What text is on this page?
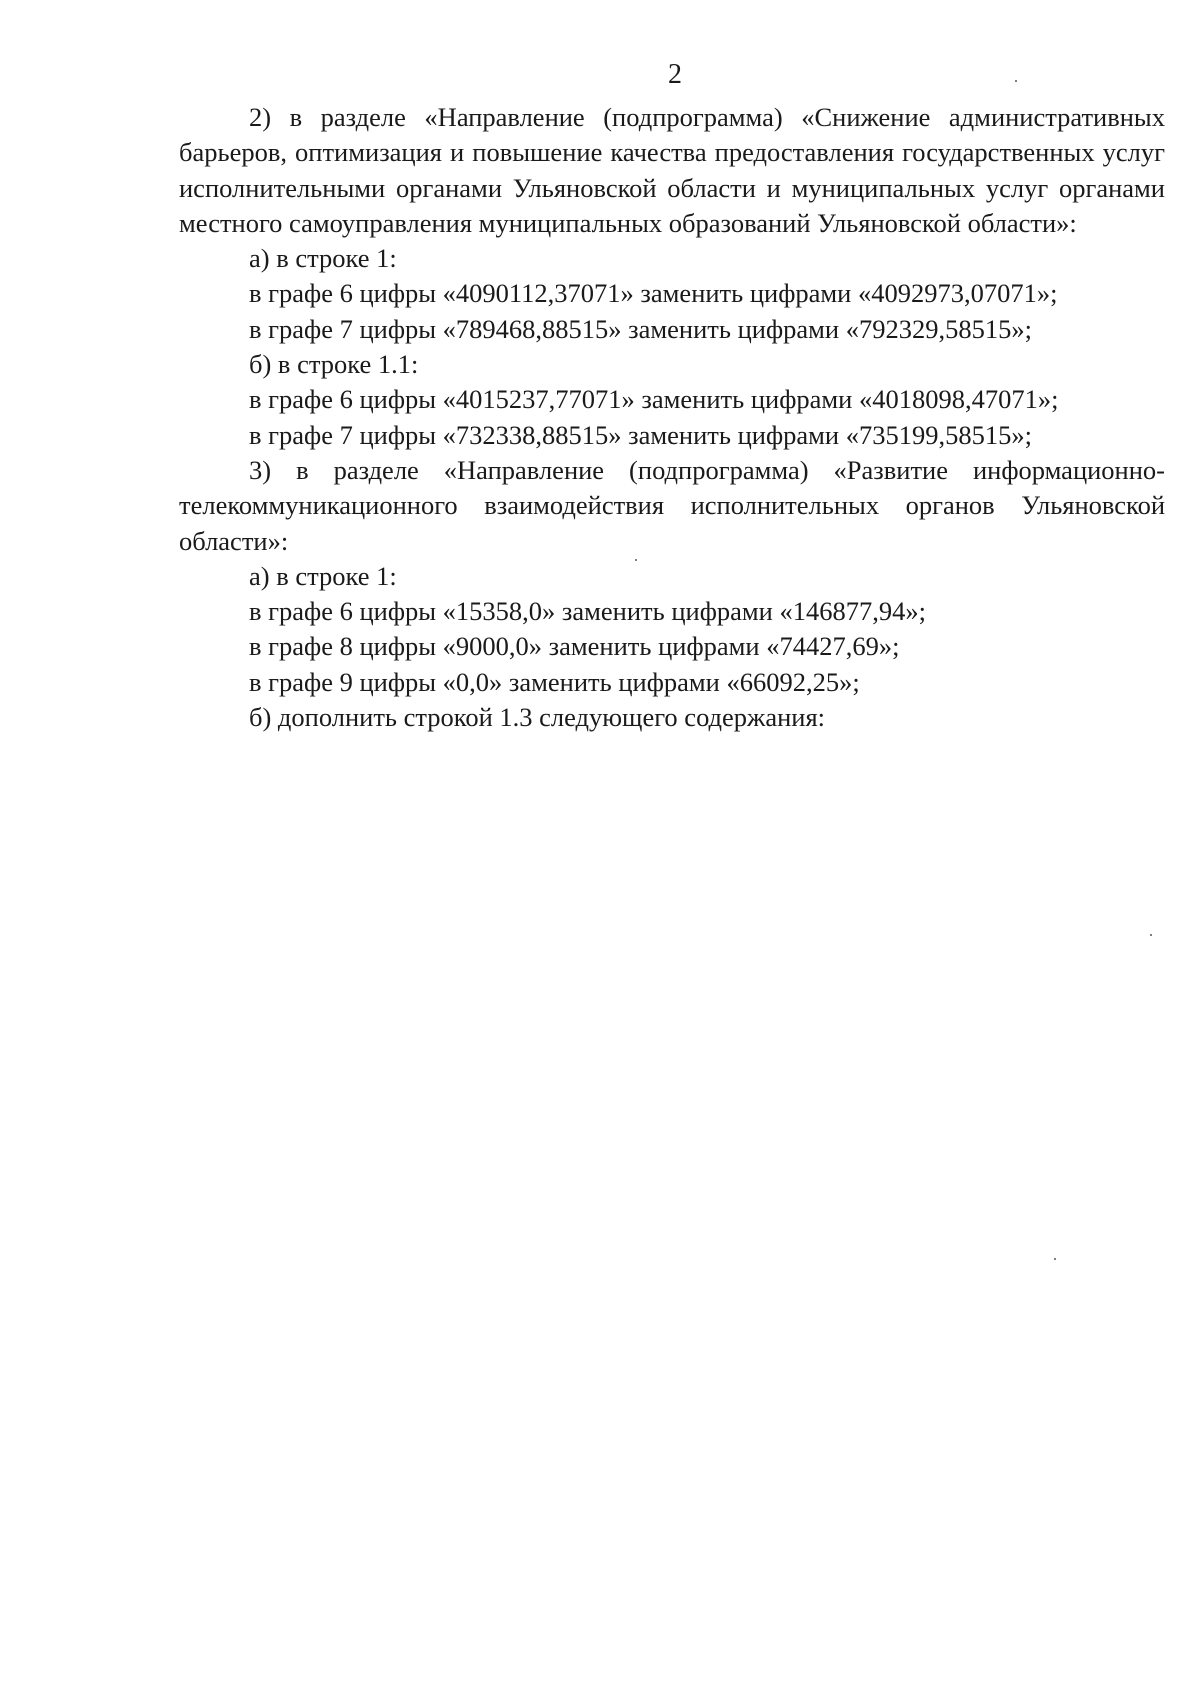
2

2) в разделе «Направление (подпрограмма) «Снижение административных барьеров, оптимизация и повышение качества предоставления государственных услуг исполнительными органами Ульяновской области и муниципальных услуг органами местного самоуправления муниципальных образований Ульяновской области»:

а) в строке 1:

в графе 6 цифры «4090112,37071» заменить цифрами «4092973,07071»;

в графе 7 цифры «789468,88515» заменить цифрами «792329,58515»;

б) в строке 1.1:

в графе 6 цифры «4015237,77071» заменить цифрами «4018098,47071»;

в графе 7 цифры «732338,88515» заменить цифрами «735199,58515»;

3) в разделе «Направление (подпрограмма) «Развитие информационно-телекоммуникационного взаимодействия исполнительных органов Ульяновской области»:

а) в строке 1:

в графе 6 цифры «15358,0» заменить цифрами «146877,94»;

в графе 8 цифры «9000,0» заменить цифрами «74427,69»;

в графе 9 цифры «0,0» заменить цифрами «66092,25»;

б) дополнить строкой 1.3 следующего содержания:
